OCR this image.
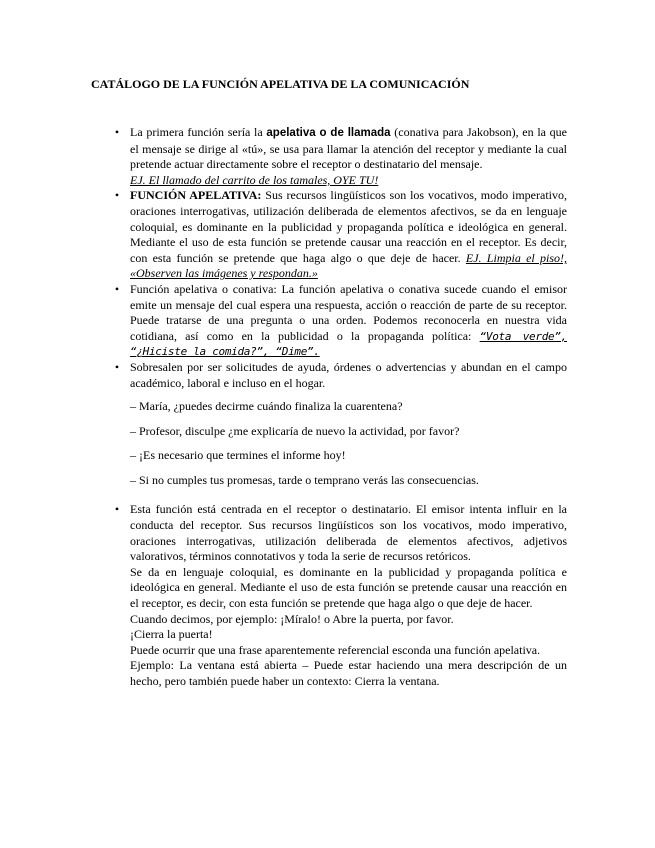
CATÁLOGO DE LA FUNCIÓN APELATIVA DE LA COMUNICACIÓN
• La primera función sería la apelativa o de llamada (conativa para Jakobson), en la que el mensaje se dirige al «tú», se usa para llamar la atención del receptor y mediante la cual pretende actuar directamente sobre el receptor o destinatario del mensaje.
EJ. El llamado del carrito de los tamales, OYE TU!
• FUNCIÓN APELATIVA: Sus recursos lingüísticos son los vocativos, modo imperativo, oraciones interrogativas, utilización deliberada de elementos afectivos, se da en lenguaje coloquial, es dominante en la publicidad y propaganda política e ideológica en general. Mediante el uso de esta función se pretende causar una reacción en el receptor. Es decir, con esta función se pretende que haga algo o que deje de hacer. EJ. Limpia el piso!, «Observen las imágenes y respondan.»
• Función apelativa o conativa: La función apelativa o conativa sucede cuando el emisor emite un mensaje del cual espera una respuesta, acción o reacción de parte de su receptor. Puede tratarse de una pregunta o una orden. Podemos reconocerla en nuestra vida cotidiana, así como en la publicidad o la propaganda política: “Vota verde”, “¿Hiciste la comida?”, “Dime”.
• Sobresalen por ser solicitudes de ayuda, órdenes o advertencias y abundan en el campo académico, laboral e incluso en el hogar.

– María, ¿puedes decirme cuándo finaliza la cuarentena?

– Profesor, disculpe ¿me explicaría de nuevo la actividad, por favor?

– ¡Es necesario que termines el informe hoy!

– Si no cumples tus promesas, tarde o temprano verás las consecuencias.

• Esta función está centrada en el receptor o destinatario. El emisor intenta influir en la conducta del receptor. Sus recursos lingüísticos son los vocativos, modo imperativo, oraciones interrogativas, utilización deliberada de elementos afectivos, adjetivos valorativos, términos connotativos y toda la serie de recursos retóricos.
Se da en lenguaje coloquial, es dominante en la publicidad y propaganda política e ideológica en general. Mediante el uso de esta función se pretende causar una reacción en el receptor, es decir, con esta función se pretende que haga algo o que deje de hacer.
Cuando decimos, por ejemplo: ¡Míralo! o Abre la puerta, por favor.
¡Cierra la puerta!
Puede ocurrir que una frase aparentemente referencial esconda una función apelativa.
Ejemplo: La ventana está abierta – Puede estar haciendo una mera descripción de un hecho, pero también puede haber un contexto: Cierra la ventana.
